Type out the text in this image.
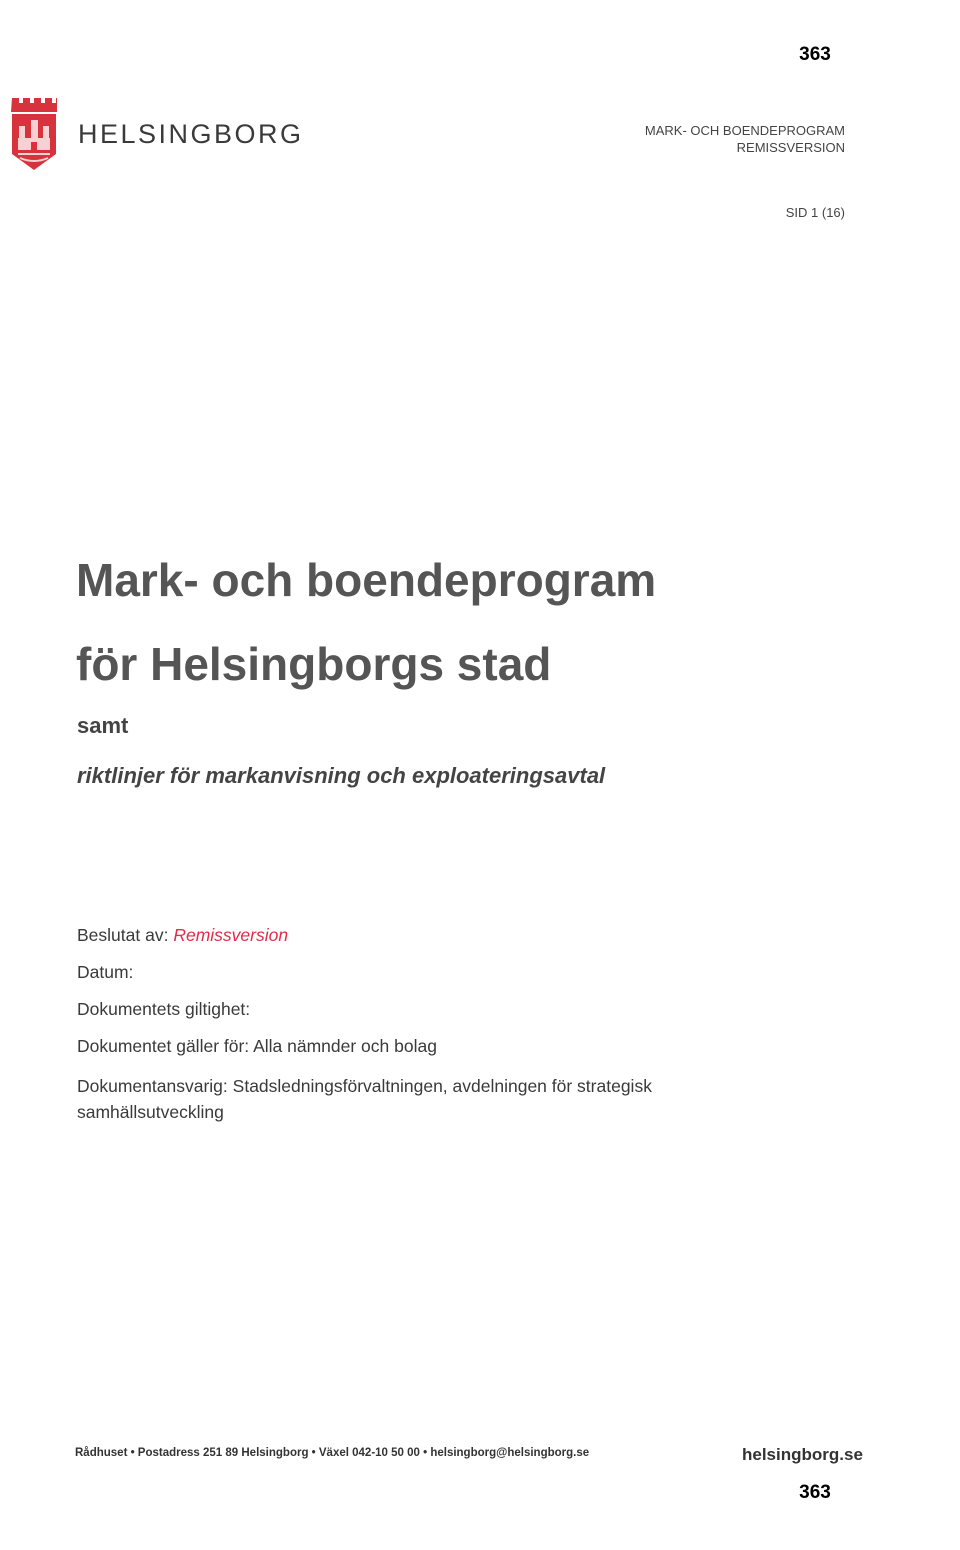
363
HELSINGBORG	MARK- OCH BOENDEPROGRAM
REMISSVERSION
SID 1 (16)
Mark- och boendeprogram
för Helsingborgs stad
samt
riktlinjer för markanvisning och exploateringsavtal
Beslutat av: Remissversion
Datum:
Dokumentets giltighet:
Dokumentet gäller för: Alla nämnder och bolag
Dokumentansvarig: Stadsledningsförvaltningen, avdelningen för strategisk samhällsutveckling
Rådhuset • Postadress 251 89 Helsingborg • Växel 042-10 50 00 • helsingborg@helsingborg.se	helsingborg.se
363
